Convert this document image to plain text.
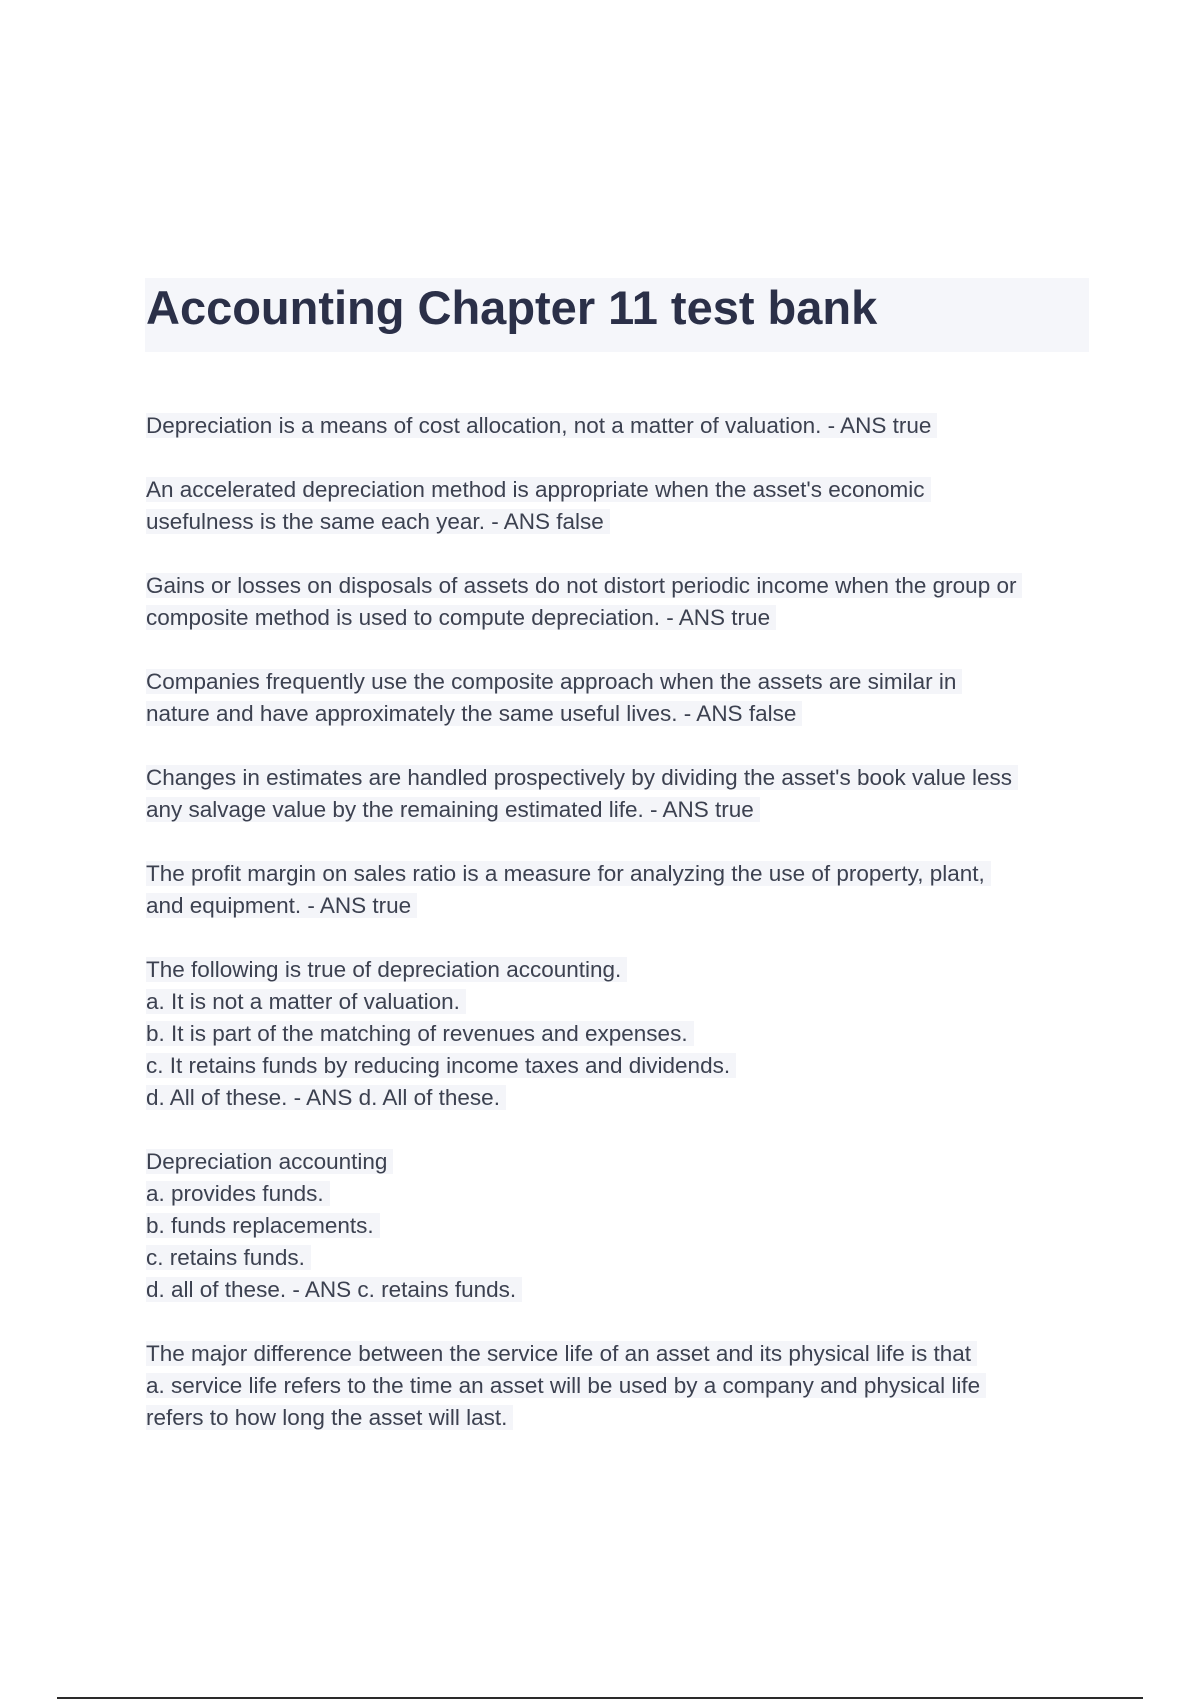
Accounting Chapter 11 test bank
Depreciation is a means of cost allocation, not a matter of valuation. - ANS true
An accelerated depreciation method is appropriate when the asset's economic
usefulness is the same each year. - ANS false
Gains or losses on disposals of assets do not distort periodic income when the group or
composite method is used to compute depreciation. - ANS true
Companies frequently use the composite approach when the assets are similar in
nature and have approximately the same useful lives. - ANS false
Changes in estimates are handled prospectively by dividing the asset's book value less
any salvage value by the remaining estimated life. - ANS true
The profit margin on sales ratio is a measure for analyzing the use of property, plant,
and equipment. - ANS true
The following is true of depreciation accounting.
a. It is not a matter of valuation.
b. It is part of the matching of revenues and expenses.
c. It retains funds by reducing income taxes and dividends.
d. All of these. - ANS d. All of these.
Depreciation accounting
a. provides funds.
b. funds replacements.
c. retains funds.
d. all of these. - ANS c. retains funds.
The major difference between the service life of an asset and its physical life is that
a. service life refers to the time an asset will be used by a company and physical life
refers to how long the asset will last.
